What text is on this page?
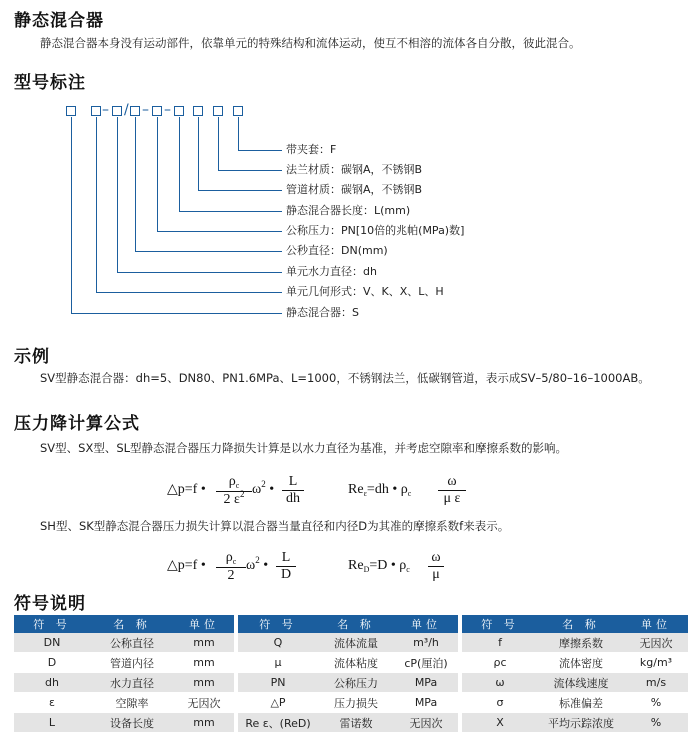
静态混合器
静态混合器本身没有运动部件，依靠单元的特殊结构和流体运动，使互不相溶的流体各自分散，彼此混合。
型号标注
– / – –
带夹套：F
法兰材质：碳钢A，不锈钢B
管道材质：碳钢A，不锈钢B
静态混合器长度：L(mm)
公称压力：PN[10倍的兆帕(MPa)数]
公秒直径：DN(mm)
单元水力直径：dh
单元几何形式：V、K、X、L、H
静态混合器：S
示例
SV型静态混合器：dh=5、DN80、PN1.6MPa、L=1000，不锈钢法兰，低碳钢管道，表示成SV–5/80–16–1000AB。
压力降计算公式
SV型、SX型、SL型静态混合器压力降损失计算是以水力直径为基准，并考虑空隙率和摩擦系数的影响。
△p=f • $\frac{\rho_c}{2 \varepsilon^2} \omega^2$ • $\frac{L}{dh}$	$Re_\varepsilon=dh$ • $\rho_c \frac{\omega}{\text{μ ε}}$
SH型、SK型静态混合器压力损失计算以混合器当量直径和内径D为其准的摩擦系数f来表示。
△p=f • $\frac{\rho_c}{2} \omega^2$ • $\frac{L}{D}$	$Re_D=D$ • $\rho_c \frac{\omega}{\mu}$
符号说明
符 号	名 称	单位
DN	公称直径	mm
D	管道内径	mm
dh	水力直径	mm
ε	空隙率	无因次
L	设备长度	mm
符 号	名 称	单位
Q	流体流量	m³/h
μ	流体粘度	cP(厘泊)
PN	公称压力	MPa
△P	压力损失	MPa
Re ε、(ReD)	雷诺数	无因次
符 号	名 称	单位
f	摩擦系数	无因次
ρc	流体密度	kg/m³
ω	流体线速度	m/s
σ	标准偏差	%
X	平均示踪浓度	%
